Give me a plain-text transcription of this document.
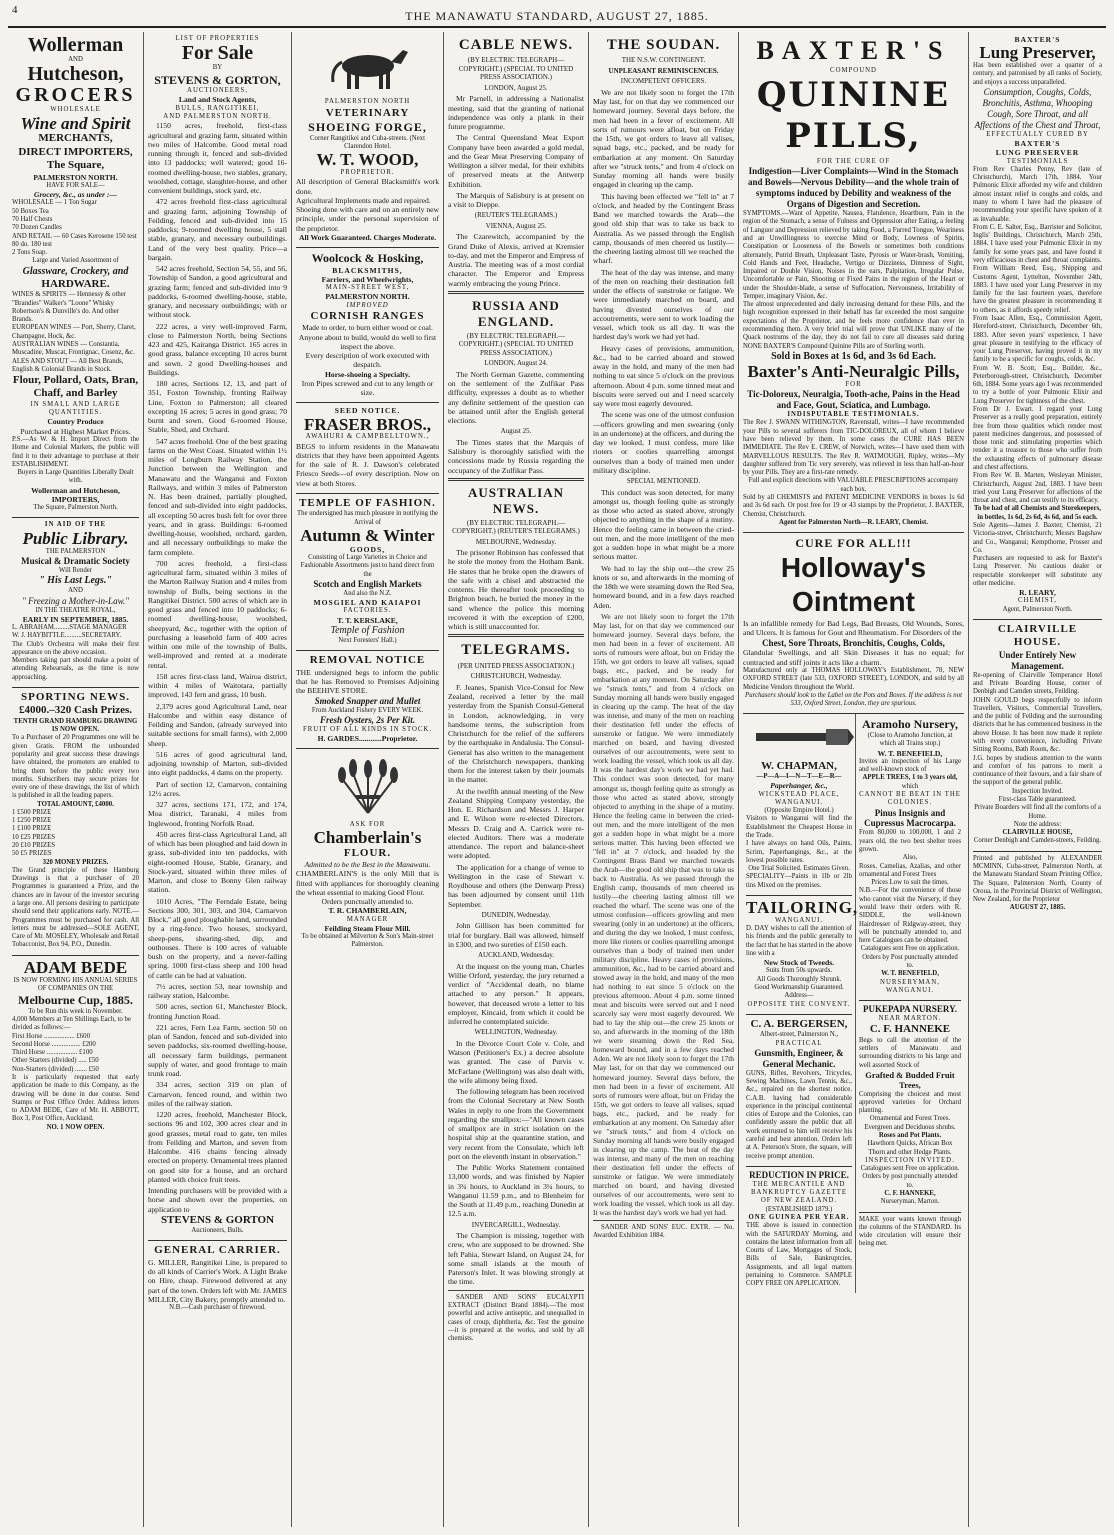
4	THE MANAWATU STANDARD, AUGUST 27, 1885.
Wollerman
AND
Hutcheson,
GROCERS
WHOLESALE
Wine and Spirit
MERCHANTS,
DIRECT IMPORTERS,
The Square,
PALMERSTON NORTH.
HAVE FOR SALE—
Grocery, &c., as under :—
WHOLESALE — 1 Ton Sugar
50 Boxes Tea
70 Half Chests
70 Dozen Candles
AND RETAIL — 60 Cases Kerosene 150 test
80 do. 180 test
2 Tons Soap.
Large and Varied Assortment of
Glassware, Crockery, and
HARDWARE.
WINES & SPIRITS — Hennessy & other "Brandies" Walker's "Loone" Whisky Robertson's & Dunville's do. And other Brands.
EUROPEAN WINES — Port, Sherry, Claret, Champagne, Hock, &c.
AUSTRALIAN WINES — Constantia, Muscadine, Muscat, Frontignac, Cosenz, &c.
ALES AND STOUT — All Best Brands, English & Colonial Brands in Stock.
Flour, Pollard, Oats, Bran, Chaff, and Barley
IN SMALL AND LARGE QUANTITIES.
Country Produce
Purchased at Highest Market Prices.
P.S.—As W. & H. Import Direct from the Home and Colonial Markets, the public will find it to their advantage to purchase at their ESTABLISHMENT.
Buyers in Large Quantities Liberally Dealt with.
Wollerman and Hutcheson, IMPORTERS,
The Square, Palmerston North.
IN AID OF THE
Public Library.
THE PALMERSTON
Musical & Dramatic Society
Will Render
" His Last Legs."
AND
" Freezing a Mother-in-Law."
IN THE THEATRE ROYAL,
EARLY IN SEPTEMBER, 1885.
L. ABRAHAM.........STAGE MANAGER
W. J. HAYBITTLE..........SECRETARY.
The Club's Orchestra will make their first appearance on the above occasion.
Members taking part should make a point of attending Rehearsals, as the time is now approaching.
SPORTING NEWS.
£4000.–320 Cash Prizes.
TENTH GRAND HAMBURG DRAWING IS NOW OPEN.
To a Purchaser of 20 Programmes one will be given Gratis. FROM the unbounded popularity and great success these drawings have obtained, the promoters are enabled to bring them before the public every two months. Subscribers may secure prizes for every one of these drawings, the list of which is published in all the leading papers.
TOTAL AMOUNT, £4000.
1 £500 PRIZE
1 £250 PRIZE
1 £100 PRIZE
10 £25 PRIZES
20 £10 PRIZES
50 £5 PRIZES
320 MONEY PRIZES.
The Grand principle of these Hamburg Drawings is that a purchaser of 20 Programmes is guaranteed a Prize, and the chances are in favour of the investor securing a large one. All persons desiring to participate should send their applications early. NOTE.—Programmes must be purchased for cash. All letters must be addressed—SOLE AGENT, Care of Mr. MOSELEY, Wholesale and Retail Tobacconist, Box 94, P.O., Dunedin.
ADAM BEDE
IS NOW FORMING HIS ANNUAL SERIES OF COMPANIES ON THE
Melbourne Cup, 1885.
To be Run this week in November.
4,000 Members at Ten Shillings Each, to be divided as follows:—
First Horse .................. £600
Second Horse ................. £200
Third Horse .................. £100
Other Starters (divided) ..... £50
Non-Starters (divided) ....... £50
It is particularly requested that early application be made to this Company, as the drawing will be done in due course. Send Stamps or Post Office Order. Address letters to ADAM BEDE, Care of Mr. H. ABBOTT, Box 3, Post Office, Auckland.
NO. 1 NOW OPEN.
LIST OF PROPERTIES
For Sale
BY
STEVENS & GORTON,
AUCTIONEERS,
Land and Stock Agents,
BULLS, RANGITIKEI,
AND PALMERSTON NORTH.

1150 acres, freehold, first-class agricultural and grazing farm, situated within two miles of Halcombe. Good metal road running through it, fenced and sub-divided into 13 paddocks; well watered; good 16-roomed dwelling-house, two stables, granary, woolshed, cottage, slaughter-house, and other convenient buildings, stock yard, etc.

472 acres freehold first-class agricultural and grazing farm, adjoining Township of Feilding, fenced and sub-divided into 15 paddocks; 9-roomed dwelling house, 5 stall stable, granary, and necessary outbuildings. Land of the very best quality. Price—a bargain.

542 acres freehold, Section 54, 55, and 56, Township of Sandon, a good agricultural and grazing farm; fenced and sub-divided into 9 paddocks, 6-roomed dwelling-house, stable, granary, and necessary outbuildings; with or without stock.

222 acres, a very well-improved Farm, close to Palmerston North, being Sections 423 and 425, Kairanga District. 165 acres in good grass, balance excepting 10 acres burnt and sown. 2 good Dwelling-houses and Buildings.

180 acres, Sections 12, 13, and part of 351, Foxton Township, fronting Railway Line, Foxton to Palmerston; all cleared excepting 16 acres; 5 acres in good grass; 70 burnt and sown. Good 6-roomed House, Stable, Shed, and Orchard.

547 acres freehold. One of the best grazing farms on the West Coast. Situated within 1½ miles of Longburn Railway Station, the Junction between the Wellington and Manawatu and the Wanganui and Foxton Railways, and within 3 miles of Palmerston N. Has been drained, partially ploughed, fenced and sub-divided into eight paddocks, all excepting 50 acres bush felt for over three years, and in grass. Buildings: 6-roomed dwelling-house, woolshed, orchard, garden, and all necessary outbuildings to make the farm complete.

700 acres freehold, a first-class agricultural farm, situated within 3 miles of the Marton Railway Station and 4 miles from township of Bulls, being sections in the Rangitikei District. 500 acres of which are in good grass and fenced into 10 paddocks; 6-roomed dwelling-house, woolshed, sheepyard, &c., together with the option of purchasing a leasehold farm of 400 acres within one mile of the township of Bulls, well-improved and rented at a moderate rental.

158 acres first-class land, Wairoa district, within 4 miles of Waitotara, partially improved, 143 fern and grass, 10 bush.

2,379 acres good Agricultural Land, near Halcombe and within easy distance of Feilding and Sandon, (already surveyed into suitable sections for small farms), with 2,000 sheep.

516 acres of good agricultural land, adjoining township of Marton, sub-divided into eight paddocks, 4 dams on the property.

Part of section 12, Carnarvon, containing 12½ acres.

327 acres, sections 171, 172, and 174, Moa district, Taranaki, 4 miles from Inglewood, fronting Norfolk Road.

450 acres first-class Agricultural Land, all of which has been ploughed and laid down in grass, sub-divided into ten paddocks, with eight-roomed House, Stable, Granary, and Stock-yard, situated within three miles of Marton, and close to Bonny Glen railway station.

1010 Acres, "The Ferndale Estate, being Sections 300, 301, 303, and 304, Carnarvon Block," all good ploughable land, surrounded by a ring-fence. Two houses, stockyard, sheep-pens, shearing-shed, dip, and outhouses. There is 100 acres of valuable bush on the property, and a never-failing spring. 1000 first-class sheep and 100 head of cattle can be had at valuation.

7½ acres, section 53, near township and railway station, Halcombe.

500 acres, section 61, Manchester Block, fronting Junction Road.

221 acres, Fern Lea Farm, section 50 on plan of Sandon, fenced and sub-divided into seven paddocks, six-roomed dwelling-house, all necessary farm buildings, permanent supply of water, and good frontage to main trunk road.

334 acres, section 319 on plan of Carnarvon, fenced round, and within two miles of the railway station.

1220 acres, freehold, Manchester Block, sections 96 and 102, 300 acres clear and in good grasses, metal road to gate, ten miles from Feilding and Marton, and seven from Halcombe. 416 chains fencing already erected on property. Ornamental trees planted on good site for a house, and an orchard planted with choice fruit trees.

Intending purchasers will be provided with a horse and shown over the properties, on application to
STEVENS & GORTON
Auctioneers, Bulls.
GENERAL CARRIER.
G. MILLER, Rangitikei Line, is prepared to do all kinds of Carrier's Work. A Light Brake on Hire, cheap. Firewood delivered at any part of the town. Orders left with Mr. JAMES MILLER, City Bakery, promptly attended to.
N.B.—Cash purchaser of firewood.
PALMERSTON NORTH
VETERINARY
SHOEING FORGE,
Corner Rangitikei and Cuba-streets. (Next Clarendon Hotel.
W. T. WOOD,
PROPRIETOR.
All description of General Blacksmith's work done.
Agricultural Implements made and repaired.
Shoeing done with care and on an entirely new principle, under the personal supervision of the proprietor.
All Work Guaranteed. Charges Moderate.
Woolcock & Hosking,
BLACKSMITHS,
Farriers, and Wheelwrights,
MAIN-STREET WEST,
PALMERSTON NORTH.
IMPROVED
CORNISH RANGES
Made to order, to burn either wood or coal.
Anyone about to build, would do well to first inspect the above.
Every description of work executed with despatch.
Horse-shoeing a Specialty.
Iron Pipes screwed and cut to any length or size.
SEED NOTICE.
FRASER BROS.,
AWAHURI & CAMPBELLTOWN.,
BEGS to inform residents in the Manawatu districts that they have been appointed Agents for the sale of R. J. Dawson's celebrated Friesco Seeds—of every description. Now on view at both Stores.
TEMPLE OF FASHION.
The undersigned has much pleasure in notifying the Arrival of
Autumn & Winter
GOODS,
Consisting of Large Varieties in Choice and Fashionable Assortments just to hand direct from the
Scotch and English Markets
And also the N.Z.
MOSGIEL AND KAIAPOI
FACTORIES.
T. T. KERSLAKE,
Temple of Fashion
Next Foresters' Hall.)
REMOVAL NOTICE
THE undersigned begs to inform the public that he has Removed to Premises Adjoining the BEEHIVE STORE.
Smoked Snapper and Mullet
From Auckland Fishery EVERY WEEK.
Fresh Oysters, 2s Per Kit.
FRUIT OF ALL KINDS IN STOCK.
H. GARDES............Proprietor.
ASK FOR
Chamberlain's
FLOUR.
Admitted to be the Best in the Manawatu.
CHAMBERLAIN'S is the only Mill that is fitted with appliances for thoroughly cleaning the wheat essential to making Good Flour.
Orders punctually attended to.
T. R. CHAMBERLAIN,
MANAGER
Feilding Steam Flour Mill.
To be obtained at Milverton & Son's Main-street Palmerston.
CABLE NEWS.
(BY ELECTRIC TELEGRAPH—COPYRIGHT.) (SPECIAL TO UNITED PRESS ASSOCIATION.)
LONDON, August 25.

Mr Parnell, in addressing a Nationalist meeting, said that the granting of national independence was only a plank in their future programme.

The Central Queensland Meat Export Company have been awarded a gold medal, and the Gear Meat Preserving Company of Wellington a silver medal, for their exhibits of preserved meats at the Antwerp Exhibition.

The Marquis of Salisbury is at present on a visit to Dieppe.

(REUTER'S TELEGRAMS.)
VIENNA, August 25.

The Czarewitch, accompanied by the Grand Duke of Alexis, arrived at Kremsier to-day, and met the Emperor and Empress of Austria. The meeting was of a most cordial character. The Emperor and Empress warmly embracing the young Prince.

RUSSIA AND ENGLAND.
(BY ELECTRIC TELEGRAPH.—COPYRIGHT.) (SPECIAL TO UNITED PRESS ASSOCIATION.)
LONDON, August 24.

The North German Gazette, commenting on the settlement of the Zulfikar Pass difficulty, expresses a doubt as to whether any definite settlement of the question can be attained until after the English general elections.

August 25.

The Times states that the Marquis of Salisbury is thoroughly satisfied with the concessions made by Russia regarding the occupancy of the Zulfikar Pass.

AUSTRALIAN NEWS.
(BY ELECTRIC TELEGRAPH.—COPYRIGHT.) (REUTER'S TELEGRAMS.)
MELBOURNE, Wednesday.

The prisoner Robinson has confessed that he stole the money from the Hotham Bank. He states that he broke open the drawers of the safe with a chisel and abstracted the contents. He thereafter took proceeding to Brighton beach, he buried the money in the sand whence the police this morning recovered it with the exception of £200, which is still unaccounted for.

TELEGRAMS.
(PER UNITED PRESS ASSOCIATION.)
CHRISTCHURCH, Wednesday.

F. Jeanes, Spanish Vice-Consul for New Zealand, received a letter by the mail yesterday from the Spanish Consul-General in London, acknowledging, in very handsome terms, the subscription from Christchurch for the relief of the sufferers by the earthquake in Andalusia. The Consul-General has also written to the management of the Christchurch newspapers, thanking them for the interest taken by their journals in the matter.

At the twelfth annual meeting of the New Zealand Shipping Company yesterday, the Hon. E. Richardson and Messrs J. Harper and E. Wilson were re-elected Directors. Messrs D. Craig and A. Carrick were re-elected Auditors. There was a moderate attendance. The report and balance-sheet were adopted.

The application for a change of venue to Wellington in the case of Stewart v. Roydhouse and others (the Denwarp Press) has been adjourned by consent until 11th September.

DUNEDIN, Wednesday.

John Gillison has been committed for trial for burglary. Bail was allowed, himself in £300, and two sureties of £150 each.

AUCKLAND, Wednesday.

At the inquest on the young man, Charles Willie Orford, yesterday, the jury returned a verdict of "Accidental death, no blame attached to any person." It appears, however, that deceased wrote a letter to his employer, Kincaid, from which it could be inferred he contemplated suicide.

WELLINGTON, Wednesday.

In the Divorce Court Cole v. Cole, and Watson (Petitioner's Ex.) a decree absolute was granted. The case of Purvis v. McFarlane (Wellington) was also dealt with, the wife alimony being fixed.

The following telegram has been received from the Colonial Secretary at New South Wales in reply to one from the Government regarding the smallpox:—"All known cases of smallpox are in strict isolation on the hospital ship at the quarantine station, and very recent from the Consulate, which left port on the eleventh instant in observation."

The Public Works Statement contained 13,000 words, and was finished by Napier in 3¾ hours, to Auckland in 3¼ hours, to Wanganui 11.59 p.m., and to Blenheim for the South at 11.49 p.m., reaching Dunedin at 12.5 a.m.

INVERCARGILL, Wednesday.

The Champion is missing, together with crew, who are supposed to be drowned. She left Pahia, Stewart Island, on August 24, for some small islands at the mouth of Paterson's Inlet. It was blowing strongly at the time.

SANDER AND SONS' EUCALYPTI EXTRACT (Distinct Brand 1884).—The most powerful and active antiseptic, and unequalled in cases of croup, diphtheria, &c. Test the genuine—it is prepared at the works, and sold by all chemists.

THE SOUDAN.
THE N.S.W. CONTINGENT.
UNPLEASANT REMINISCENCES.
INCOMPETENT OFFICERS.

We are not likely soon to forget the 17th May last, for on that day we commenced our homeward journey. Several days before, the men had been in a fever of excitement. All sorts of rumours were afloat, but on Friday the 15th, we got orders to leave all valises, squad bags, etc., packed, and be ready for embarkation at any moment. On Saturday after we "struck tents," and from 4 o'clock on Sunday morning all hands were busily engaged in clearing up the camp.

This having been effected we "fell in" at 7 o'clock, and headed by the Contingent Brass Band we marched towards the Arab—the good old ship that was to take us back to Australia. As we passed through the English camp, thousands of men cheered us lustily—the cheering lasting almost till we reached the wharf.

The heat of the day was intense, and many of the men on reaching their destination fell under the effects of sunstroke or fatigue. We were immediately marched on board, and having divested ourselves of our accoutrements, were sent to work loading the vessel, which took us all day. It was the hardest day's work we had yet had.

Heavy cases of provisions, ammunition, &c., had to be carried aboard and stowed away in the hold, and many of the men had nothing to eat since 5 o'clock on the previous afternoon. About 4 p.m. some tinned meat and biscuits were served out and I need scarcely say were most eagerly devoured.

The scene was one of the utmost confusion—officers growling and men swearing (only in an undertone) at the officers, and during the day we looked, I must confess, more like rioters or coolies quarrelling amongst ourselves than a body of trained men under military discipline.

SPECIAL MENTIONED.

This conduct was soon detected, for many amongst us, though feeling quite as strongly as those who acted as stated above, strongly objected to anything in the shape of a mutiny. Hence the feeling came in between the cried-out men, and the more intelligent of the men got a sudden hope in what might be a more serious matter.

We had to lay the ship out—the crew 25 knots or so, and afterwards in the morning of the 18th we were steaming down the Red Sea, homeward bound, and in a few days reached Aden.

We are not likely soon to forget the 17th May last, for on that day we commenced our homeward journey. Several days before, the men had been in a fever of excitement. All sorts of rumours were afloat, but on Friday the 15th, we got orders to leave all valises, squad bags, etc., packed, and be ready for embarkation at any moment. On Saturday after we "struck tents," and from 4 o'clock on Sunday morning all hands were busily engaged in clearing up the camp. The heat of the day was intense, and many of the men on reaching their destination fell under the effects of sunstroke or fatigue. We were immediately marched on board, and having divested ourselves of our accoutrements, were sent to work loading the vessel, which took us all day. It was the hardest day's work we had yet had. This conduct was soon detected, for many amongst us, though feeling quite as strongly as those who acted as stated above, strongly objected to anything in the shape of a mutiny. Hence the feeling came in between the cried-out men, and the more intelligent of the men got a sudden hope in what might be a more serious matter. This having been effected we "fell in" at 7 o'clock, and headed by the Contingent Brass Band we marched towards the Arab—the good old ship that was to take us back to Australia. As we passed through the English camp, thousands of men cheered us lustily—the cheering lasting almost till we reached the wharf. The scene was one of the utmost confusion—officers growling and men swearing (only in an undertone) at the officers, and during the day we looked, I must confess, more like rioters or coolies quarrelling amongst ourselves than a body of trained men under military discipline. Heavy cases of provisions, ammunition, &c., had to be carried aboard and stowed away in the hold, and many of the men had nothing to eat since 5 o'clock on the previous afternoon. About 4 p.m. some tinned meat and biscuits were served out and I need scarcely say were most eagerly devoured. We had to lay the ship out—the crew 25 knots or so, and afterwards in the morning of the 18th we were steaming down the Red Sea, homeward bound, and in a few days reached Aden. We are not likely soon to forget the 17th May last, for on that day we commenced our homeward journey. Several days before, the men had been in a fever of excitement. All sorts of rumours were afloat, but on Friday the 15th, we got orders to leave all valises, squad bags, etc., packed, and be ready for embarkation at any moment. On Saturday after we "struck tents," and from 4 o'clock on Sunday morning all hands were busily engaged in clearing up the camp. The heat of the day was intense, and many of the men on reaching their destination fell under the effects of sunstroke or fatigue. We were immediately marched on board, and having divested ourselves of our accoutrements, were sent to work loading the vessel, which took us all day. It was the hardest day's work we had yet had.

SANDER AND SONS' EUC. EXTR. — No. Awarded Exhibition 1884.

BAXTER'S
COMPOUND
QUININE PILLS,
FOR THE CURE OF
Indigestion—Liver Complaints—Wind in the Stomach and Bowels—Nervous Debility—and the whole train of symptoms induced by Debility and weakness of the Organs of Digestion and Secretion.
SYMPTOMS.—Want of Appetite, Nausea, Flatulence, Heartburn, Pain in the region of the Stomach, a sense of Fulness and Oppression after Eating, a feeling of Languor and Depression relieved by taking Food, a Furred Tongue, Weariness and an Unwillingness to exercise Mind or Body, Lowness of Spirits, Constipation or Looseness of the Bowels or sometimes both conditions alternately, Putrid Breath, Unpleasant Taste, Pyrosis or Water-brash, Vomiting, Cold Hands and Feet, Headache, Vertigo or Dizziness, Dimness of Sight, Impaired or Double Vision, Noises in the ears, Palpitation, Irregular Pulse, Uncomfortable or Pain, Shooting or Fixed Pains in the region of the Heart or under the Shoulder-blade, a sense of Suffocation, Nervousness, Irritability of Temper, imaginary Vision, &c.
The almost unprecedented and daily increasing demand for these Pills, and the high recognition expressed in their behalf has far exceeded the most sanguine expectations of the Proprietor, and he feels more confidence than ever in recommending them. A very brief trial will prove that UNLIKE many of the Quack nostrums of the day, they do not fail to cure all diseases said during NONE BAXTER'S Compound Quinine Pills are of Sterling worth.
Sold in Boxes at 1s 6d, and 3s 6d Each.
Baxter's Anti-Neuralgic Pills,
FOR
Tic-Doloreux, Neuralgia, Tooth-ache, Pains in the Head and Face, Gout, Sciatica, and Lumbago.
INDISPUTABLE TESTIMONIALS.
The Rev J. SWANN WITHINGTON, Ravenstall, writes—I have recommended your Pills to several sufferers from TIC-DOLOREUX, all of whom I believe have been relieved by them. In some cases the CURE HAS BEEN IMMEDIATE. The Rev E. CREW, of Norwich, writes—I have used them with MARVELLOUS RESULTS. The Rev R. WATMOUGH, Ripley, writes—My daughter suffered from Tic very severely, was relieved in less than half-an-hour by your Pills. They are a first-rate remedy.
Full and explicit directions with VALUABLE PRESCRIPTIONS accompany each box.
Sold by all CHEMISTS and PATENT MEDICINE VENDORS in boxes 1s 6d and 3s 6d each. Or post free for 19 or 43 stamps by the Proprietor, J. BAXTER, Chemist, Christchurch.
Agent for Palmerston North—R. LEARY, Chemist.
CURE FOR ALL!!!
Holloway's Ointment
Is an infallible remedy for Bad Legs, Bad Breasts, Old Wounds, Sores, and Ulcers. It is famous for Gout and Rheumatism. For Disorders of the
Chest, Sore Throats, Bronchitis, Coughs, Colds,
Glandular Swellings, and all Skin Diseases it has no equal; for contracted and stiff joints it acts like a charm.
Manufactured only at THOMAS HOLLOWAY's Establishment, 78, NEW OXFORD STREET (late 533, OXFORD STREET), LONDON, and sold by all Medicine Vendors throughout the World.
Purchasers should look to the Label on the Pots and Boxes. If the address is not 533, Oxford Street, London, they are spurious.
W. CHAPMAN,
—P—A—I—N—T—E—R—
Paperhanger, &c.,
WICKSTEAD PLACE, WANGANUI.
(Opposite Empire Hotel.)
Visitors to Wanganui will find the Establishment the Cheapest House in the Trade.
I have always on hand Oils, Paints, Scrim, Paperhangings, &c., at the lowest possible rates.
One Trial Solicited. Estimates Given.
SPECIALITY—Paints in 1lb or 2lb tins Mixed on the premises.
TAILORING,
WANGANUI.
D. DAY wishes to call the attention of his friends and the public generally to the fact that he has started in the above line with a
New Stock of Tweeds.
Suits from 50s upwards.
All Goods Thoroughly Shrunk.
Good Workmanship Guaranteed.
Address—
OPPOSITE THE CONVENT.
C. A. BERGERSEN,
Albert-street, Palmerston N.,
PRACTICAL
Gunsmith, Engineer, & General Mechanic.
GUNS, Rifles, Revolvers, Tricycles, Sewing Machines, Lawn Tennis, &c., &c., repaired on the shortest notice. C.A.B. having had considerable experience in the principal continental cities of Europe and the Colonies, can confidently assure the public that all work entrusted to him will receive his careful and best attention. Orders left at A. Peterson's Store, the square, will receive prompt attention.
REDUCTION IN PRICE.
THE MERCANTILE AND BANKRUPTCY GAZETTE OF NEW ZEALAND.
(ESTABLISHED 1879.)
ONE GUINEA PER YEAR.
THE above is issued in connection with the SATURDAY Morning, and contains the latest information from all Courts of Law, Mortgages of Stock, Bills of Sale, Bankruptcies, Assignments, and all legal matters pertaining to Commerce. SAMPLE COPY FREE ON APPLICATION.
Aramoho Nursery,
(Close to Aramoho Junction, at which all Trains stop.)
W. T. BENEFIELD,
Invites an inspection of his Large and well-known stock of
APPLE TREES, 1 to 3 years old,
which
CANNOT BE BEAT IN THE COLONIES.
Pinus Insignis and Cupressus Macrocarpa.
From 80,000 to 100,000, 1 and 2 years old, the two best shelter trees grown.
Also,
Roses, Camelias, Azalias, and other ornamental and Forest Trees
Prices Low to suit the times.
N.B.—For the convenience of those who cannot visit the Nursery, if they would leave their orders with R. SIDDLE, the well-known Hairdresser of Ridgway-street, they will be punctually attended to, and here Catalogues can be obtained.
Catalogues sent Free on application.
Orders by Post punctually attended to.
W. T. BENEFIELD,
NURSERYMAN, WANGANUI.
PUKEPAPA NURSERY.
NEAR MARTON.
C. F. HANNEKE
Begs to call the attention of the settlers of Manawatu and surrounding districts to his large and well assorted Stock of
Grafted & Budded Fruit Trees,
Comprising the choicest and most approved varieties for Orchard planting.
Ornamental and Forest Trees. Evergreen and Deciduous shrubs.
Roses and Pot Plants.
Hawthorn Quicks, African Box Thorn and other Hedge Plants.
INSPECTION INVITED.
Catalogues sent Free on application. Orders by post punctually attended to.
C. F. HANNEKE,
Nurseryman, Marton.
MAKE your wants known through the columns of the STANDARD. Its wide circulation will ensure their being met.
BAXTER'S
Lung Preserver,
Has been established over a quarter of a century, and patronised by all ranks of Society, and enjoys a success unparalleled.
Consumption, Coughs, Colds, Bronchitis, Asthma, Whooping Cough, Sore Throat, and all Affections of the Chest and Throat,
EFFECTUALLY CURED BY
BAXTER'S
LUNG PRESERVER
TESTIMONIALS
From Rev Charles Penny, Rev (late of Christchurch), March 17th, 1884. Your Pulmonic Elixir afforded my wife and children almost instant relief in coughs and colds, and many to whom I have had the pleasure of recommending your specific have spoken of it as invaluable.
From C. E. Salter, Esq., Barrister and Solicitor, Inglis' Buildings, Christchurch, March 25th, 1884. I have used your Pulmonic Elixir in my family for some years past, and have found it very efficacious in chest and throat complaints.
From William Reed, Esq., Shipping and Customs Agent, Lyttelton, November 24th, 1883. I have used your Lung Preserver in my family for the last fourteen years, therefore have the greatest pleasure in recommending it to others, as it affords speedy relief.
From Isaac Allen, Esq., Commission Agent, Hereford-street, Christchurch, December 6th, 1883. After seven years' experience, I have great pleasure in testifying to the efficacy of your Lung Preserver, having proved it in my family to be a specific for coughs, colds, &c.
From W. B. Scott, Esq., Builder, &c., Peterborough-street, Christchurch, December 6th, 1884. Some years ago I was recommended to try a bottle of your Pulmonic Elixir and Lung Preserver for tightness of the chest.
From Dr J. Ewart. I regard your Lung Preserver as a really good preparation, entirely free from those qualities which render most patent medicines dangerous, and possessed of those tonic and stimulating properties which render it a treasure to those who suffer from the exhausting effects of pulmonary disease and chest affections.
From Rev W. B. Marten, Wesleyan Minister, Christchurch, August 2nd, 1883. I have been tried your Lung Preserver for affections of the throat and chest, and can testify to its efficacy.
To be had of all Chemists and Storekeepers, in bottles, 1s 6d, 2s 6d, 4s 6d, and 5s each.
Sole Agents—James J. Baxter, Chemist, 21 Victoria-street, Christchurch; Messrs Bagshaw and Co., Wanganui; Kempthorne, Prosser and Co.
Purchasers are requested to ask for Baxter's Lung Preserver. No cautious dealer or respectable storekeeper will substitute any other medicine.
R. LEARY,
CHEMIST,
Agent, Palmerston North.
CLAIRVILLE HOUSE.
Under Entirely New Management.
Re-opening of Clairville Temperance Hotel and Private Boarding House, corner of Denbigh and Camden streets, Feilding.
JOHN GOULD begs respectfully to inform Travellers, Visitors, Commercial Travellers, and the public of Feilding and the surrounding districts that he has commenced business in the above House. It has been now made it replete with every convenience, including Private Sitting Rooms, Bath Room, &c.
J.G. hopes by studious attention to the wants and comfort of his patrons to merit a continuance of their favours, and a fair share of the support of the general public.
Inspection Invited.
First-class Table guaranteed.
Private Boarders will find all the comforts of a Home.
Note the address:
CLAIRVILLE HOUSE,
Corner Denbigh and Camden-streets, Feilding.
Printed and published by ALEXANDER MCMINN, Cuba-street, Palmerston North, at the Manawatu Standard Steam Printing Office, The Square, Palmerston North, County of Oroua, in the Provincial District of Wellington, New Zealand, for the Proprietor
AUGUST 27, 1885.
